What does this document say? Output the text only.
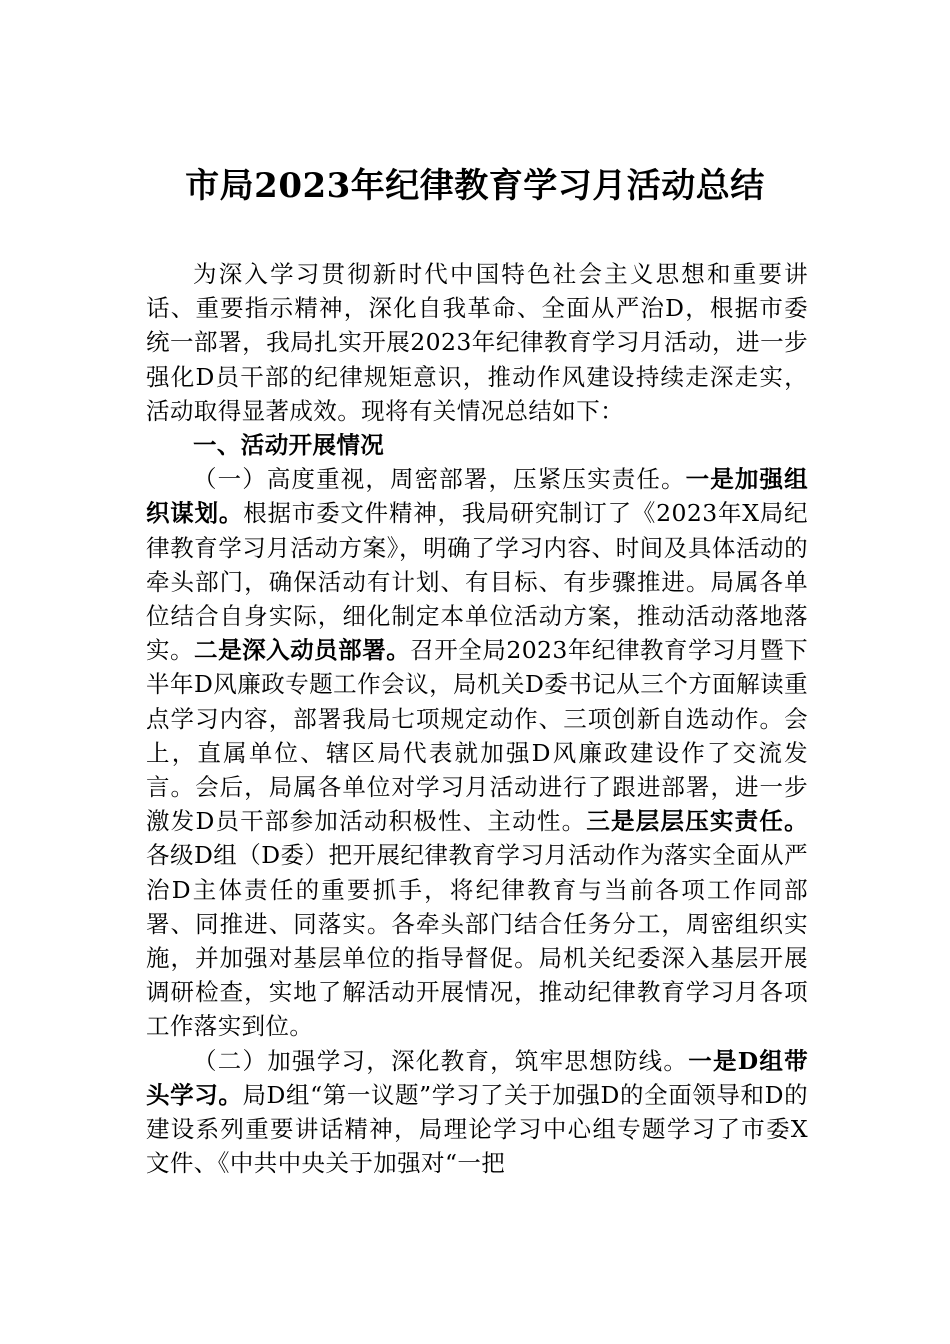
市局2023年纪律教育学习月活动总结

为深入学习贯彻新时代中国特色社会主义思想和重要讲话、重要指示精神，深化自我革命、全面从严治D，根据市委统一部署，我局扎实开展2023年纪律教育学习月活动，进一步强化D员干部的纪律规矩意识，推动作风建设持续走深走实，活动取得显著成效。现将有关情况总结如下：

一、活动开展情况

（一）高度重视，周密部署，压紧压实责任。一是加强组织谋划。根据市委文件精神，我局研究制订了《2023年X局纪律教育学习月活动方案》，明确了学习内容、时间及具体活动的牵头部门，确保活动有计划、有目标、有步骤推进。局属各单位结合自身实际，细化制定本单位活动方案，推动活动落地落实。二是深入动员部署。召开全局2023年纪律教育学习月暨下半年D风廉政专题工作会议，局机关D委书记从三个方面解读重点学习内容，部署我局七项规定动作、三项创新自选动作。会上，直属单位、辖区局代表就加强D风廉政建设作了交流发言。会后，局属各单位对学习月活动进行了跟进部署，进一步激发D员干部参加活动积极性、主动性。三是层层压实责任。各级D组（D委）把开展纪律教育学习月活动作为落实全面从严治D主体责任的重要抓手，将纪律教育与当前各项工作同部署、同推进、同落实。各牵头部门结合任务分工，周密组织实施，并加强对基层单位的指导督促。局机关纪委深入基层开展调研检查，实地了解活动开展情况，推动纪律教育学习月各项工作落实到位。

（二）加强学习，深化教育，筑牢思想防线。一是D组带头学习。局D组“第一议题”学习了关于加强D的全面领导和D的建设系列重要讲话精神，局理论学习中心组专题学习了市委X文件、《中共中央关于加强对“一把
